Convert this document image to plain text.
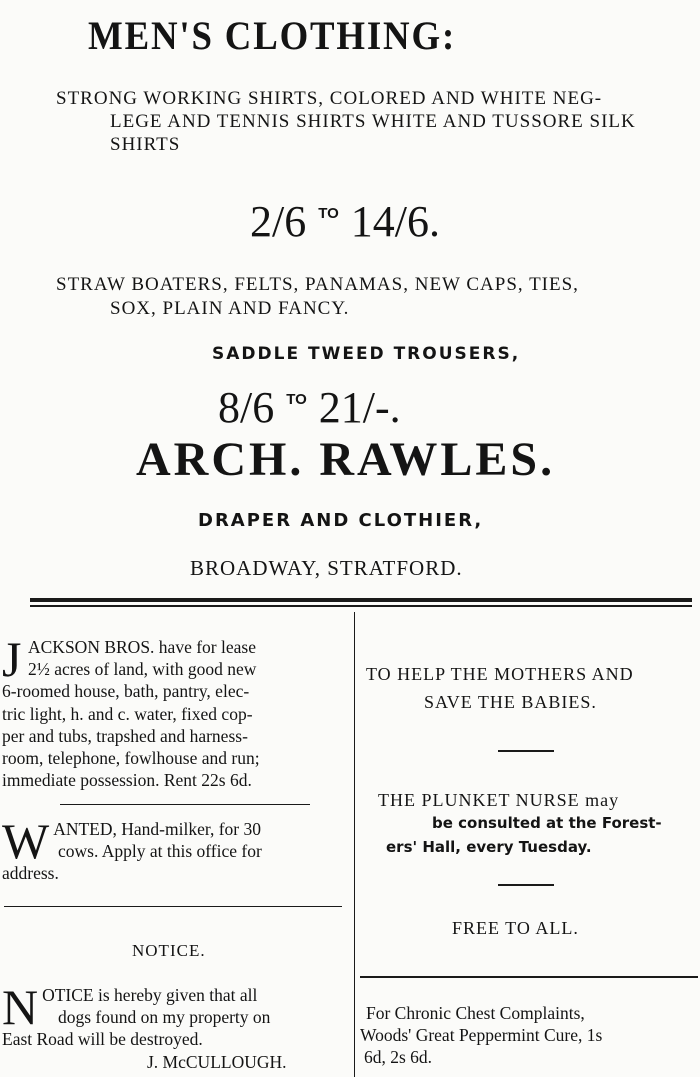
MEN'S CLOTHING:
STRONG WORKING SHIRTS, COLORED AND WHITE NEG-
LEGE AND TENNIS SHIRTS WHITE AND TUSSORE SILK
SHIRTS
2/6 TO 14/6.
STRAW BOATERS, FELTS, PANAMAS, NEW CAPS, TIES,
SOX, PLAIN AND FANCY.
SADDLE TWEED TROUSERS,
8/6 TO 21/-.
ARCH. RAWLES.
DRAPER AND CLOTHIER,
BROADWAY, STRATFORD.
J ACKSON BROS. have for lease
2½ acres of land, with good new
6-roomed house, bath, pantry, elec-
tric light, h. and c. water, fixed cop-
per and tubs, trapshed and harness-
room, telephone, fowlhouse and run;
immediate possession. Rent 22s 6d.
W ANTED, Hand-milker, for 30
cows. Apply at this office for
address.
NOTICE.
N OTICE is hereby given that all
dogs found on my property on
East Road will be destroyed.
J. McCULLOUGH.
TO HELP THE MOTHERS AND
SAVE THE BABIES.
THE PLUNKET NURSE may
be consulted at the Forest-
ers' Hall, every Tuesday.
FREE TO ALL.
For Chronic Chest Complaints,
Woods' Great Peppermint Cure, 1s
6d, 2s 6d.
